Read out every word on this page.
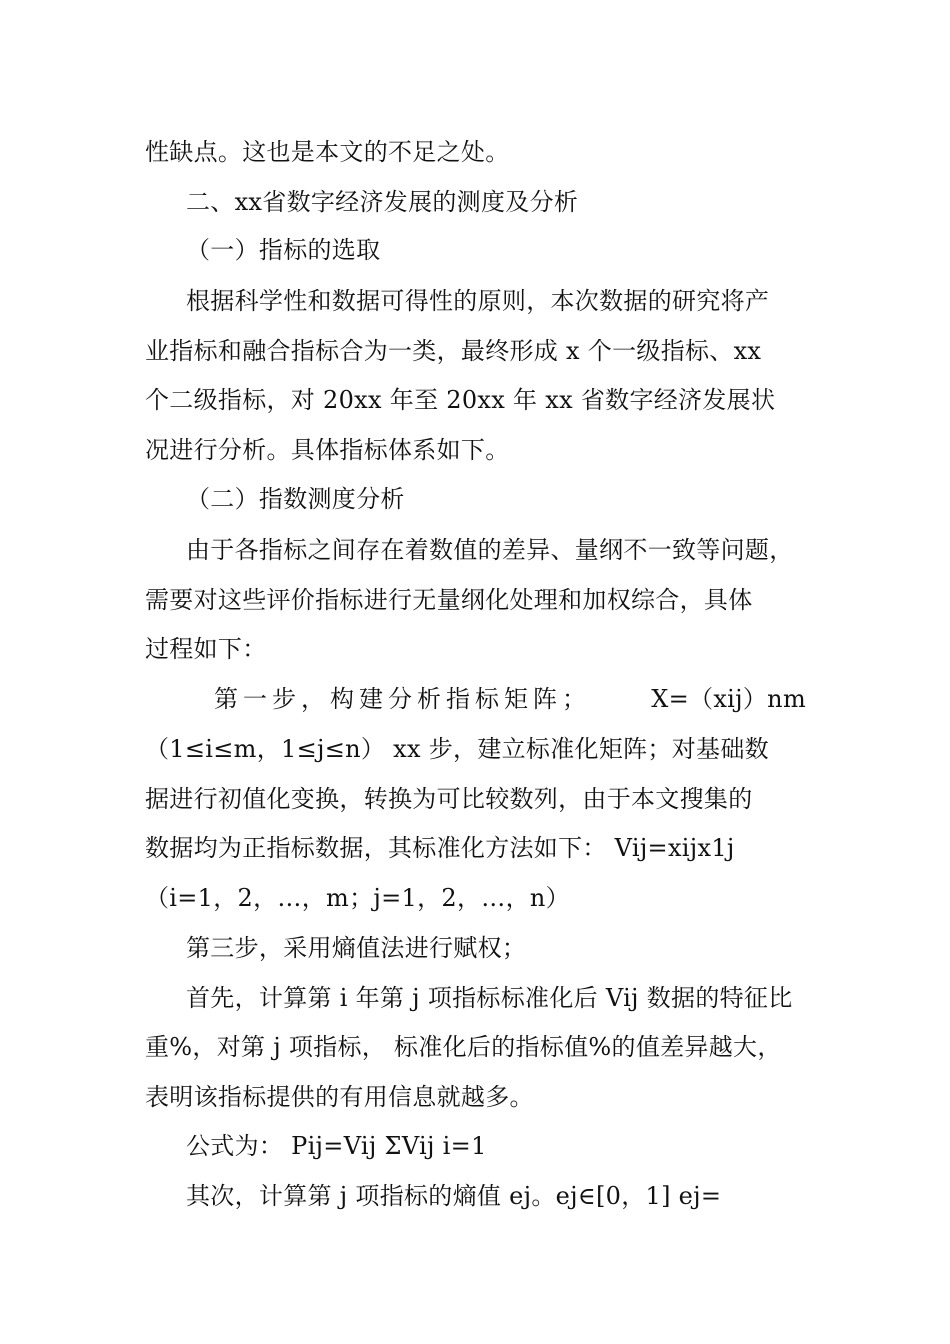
性缺点。这也是本文的不足之处。
二、xx省数字经济发展的测度及分析
（一）指标的选取
根据科学性和数据可得性的原则，本次数据的研究将产
业指标和融合指标合为一类，最终形成 x 个一级指标、xx
个二级指标，对 20xx 年至 20xx 年 xx 省数字经济发展状
况进行分析。具体指标体系如下。
（二）指数测度分析
由于各指标之间存在着数值的差异、量纲不一致等问题，
需要对这些评价指标进行无量纲化处理和加权综合，具体
过程如下：
第一步，构建分析指标矩阵；	X=（xij）nm
（1≤i≤m，1≤j≤n） xx 步，建立标准化矩阵；对基础数
据进行初值化变换，转换为可比较数列，由于本文搜集的
数据均为正指标数据，其标准化方法如下： Vij=xijx1j
（i=1，2，…，m；j=1，2，…，n）
第三步，采用熵值法进行赋权；
首先，计算第 i 年第 j 项指标标准化后 Vij 数据的特征比
重%，对第 j 项指标， 标准化后的指标值%的值差异越大，
表明该指标提供的有用信息就越多。
公式为： Pij=Vij ΣVij i=1
其次，计算第 j 项指标的熵值 ej。ej∈[0，1] ej=
